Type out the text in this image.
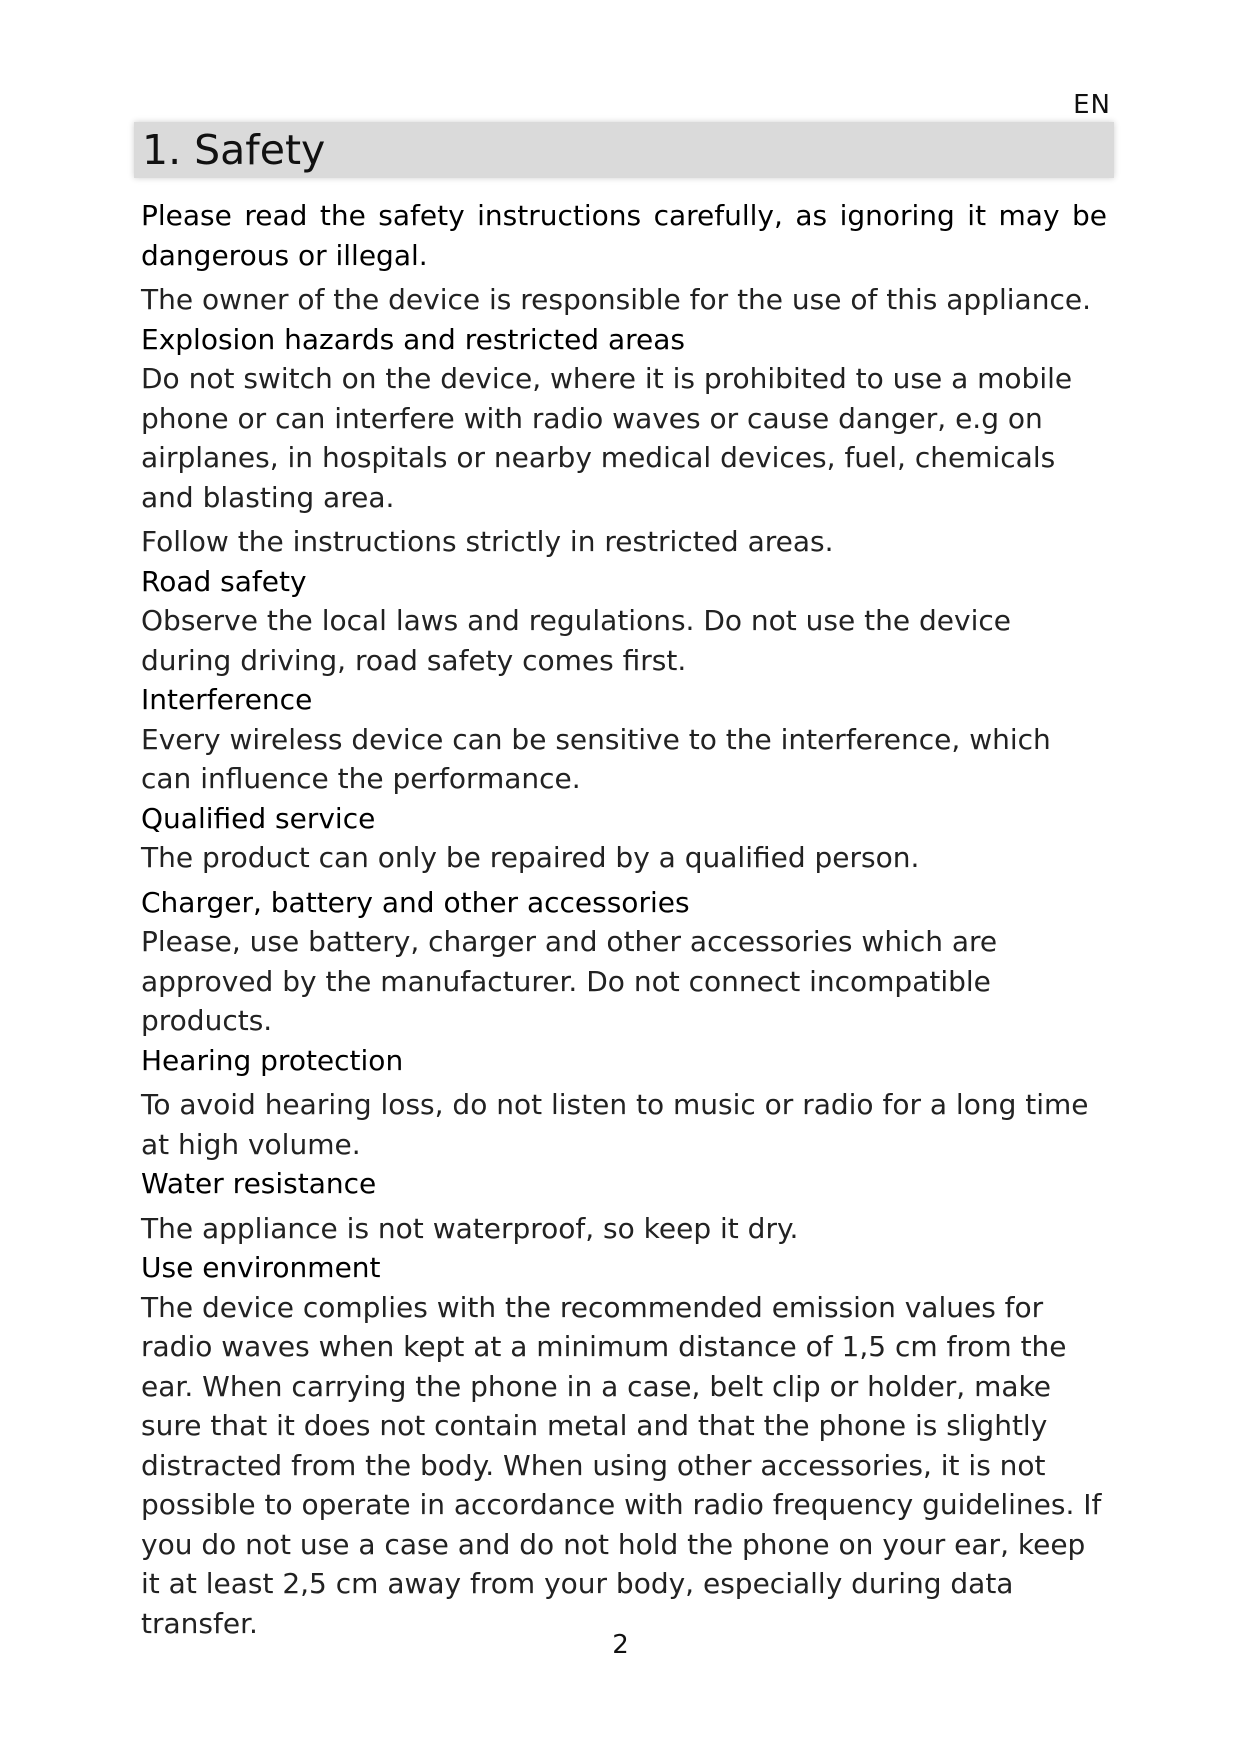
EN
1. Safety

Please read the safety instructions carefully, as ignoring it may be dangerous or illegal.

The owner of the device is responsible for the use of this appliance.

Explosion hazards and restricted areas

Do not switch on the device, where it is prohibited to use a mobile phone or can interfere with radio waves or cause danger, e.g on airplanes, in hospitals or nearby medical devices, fuel, chemicals and blasting area.

Follow the instructions strictly in restricted areas.

Road safety

Observe the local laws and regulations. Do not use the device during driving, road safety comes first.

Interference

Every wireless device can be sensitive to the interference, which can influence the performance.

Qualified service

The product can only be repaired by a qualified person.

Charger, battery and other accessories

Please, use battery, charger and other accessories which are approved by the manufacturer. Do not connect incompatible products.

Hearing protection

To avoid hearing loss, do not listen to music or radio for a long time at high volume.

Water resistance

The appliance is not waterproof, so keep it dry.

Use environment

The device complies with the recommended emission values for radio waves when kept at a minimum distance of 1,5 cm from the ear. When carrying the phone in a case, belt clip or holder, make sure that it does not contain metal and that the phone is slightly distracted from the body. When using other accessories, it is not possible to operate in accordance with radio frequency guidelines. If you do not use a case and do not hold the phone on your ear, keep it at least 2,5 cm away from your body, especially during data transfer.

2
